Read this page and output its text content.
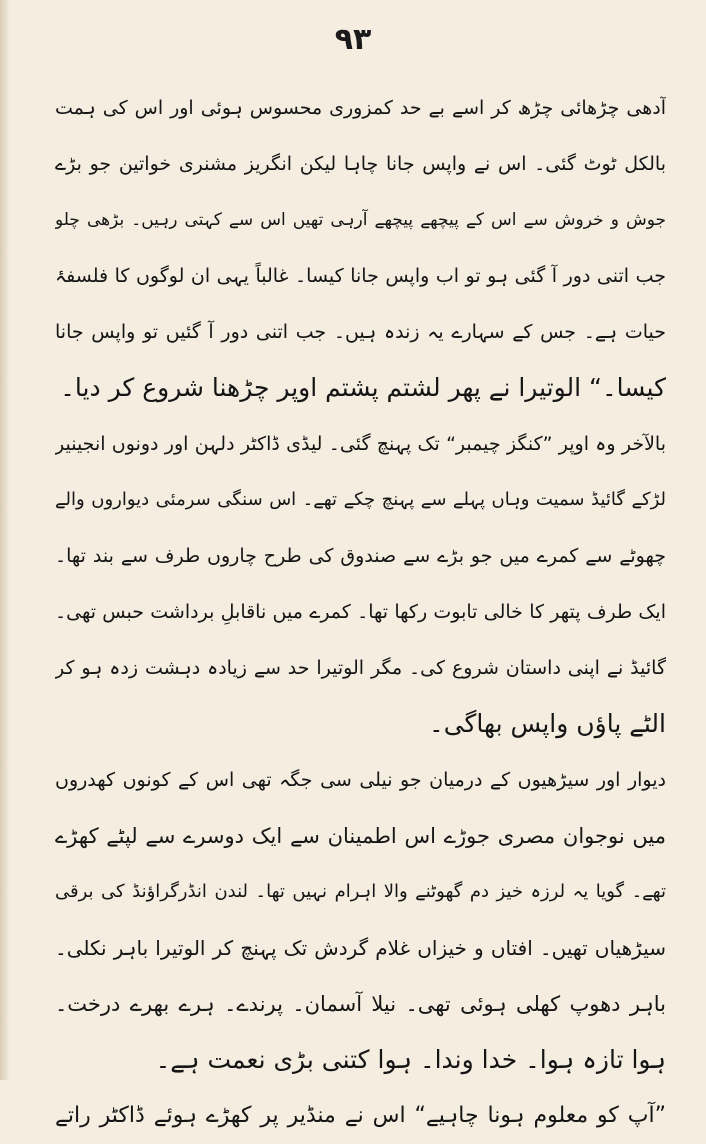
۹۳
آدھی چڑھائی چڑھ کر اسے بے حد کمزوری محسوس ہوئی اور اس کی ہمت
بالکل ٹوٹ گئی۔ اس نے واپس جانا چاہا لیکن انگریز مشنری خواتین جو بڑے
جوش و خروش سے اس کے پیچھے پیچھے آرہی تھیں اس سے کہتی رہیں۔ بڑھی چلو
جب اتنی دور آ گئی ہو تو اب واپس جانا کیسا۔ غالباً یہی ان لوگوں کا فلسفۂ
حیات ہے۔ جس کے سہارے یہ زندہ ہیں۔ جب اتنی دور آ گئیں تو واپس جانا
کیسا۔“ الوتیرا نے پھر لشتم پشتم اوپر چڑھنا شروع کر دیا۔
بالآخر وہ اوپر ”کنگز چیمبر“ تک پہنچ گئی۔ لیڈی ڈاکٹر دلہن اور دونوں انجینیر
لڑکے گائیڈ سمیت وہاں پہلے سے پہنچ چکے تھے۔ اس سنگی سرمئی دیواروں والے
چھوٹے سے کمرے میں جو بڑے سے صندوق کی طرح چاروں طرف سے بند تھا۔
ایک طرف پتھر کا خالی تابوت رکھا تھا۔ کمرے میں ناقابلِ برداشت حبس تھی۔
گائیڈ نے اپنی داستان شروع کی۔ مگر الوتیرا حد سے زیادہ دہشت زدہ ہو کر
الٹے پاؤں واپس بھاگی۔
دیوار اور سیڑھیوں کے درمیان جو نیلی سی جگہ تھی اس کے کونوں کھدروں
میں نوجوان مصری جوڑے اس اطمینان سے ایک دوسرے سے لپٹے کھڑے
تھے۔ گویا یہ لرزہ خیز دم گھوٹنے والا اہرام نہیں تھا۔ لندن انڈرگراؤنڈ کی برقی
سیڑھیاں تھیں۔ افتاں و خیزاں غلام گردش تک پہنچ کر الوتیرا باہر نکلی۔
باہر دھوپ کھلی ہوئی تھی۔ نیلا آسمان۔ پرندے۔ ہرے بھرے درخت۔
ہوا تازہ ہوا۔ خدا وندا۔ ہوا کتنی بڑی نعمت ہے۔
”آپ کو معلوم ہونا چاہیے“ اس نے منڈیر پر کھڑے ہوئے ڈاکٹر راتے
